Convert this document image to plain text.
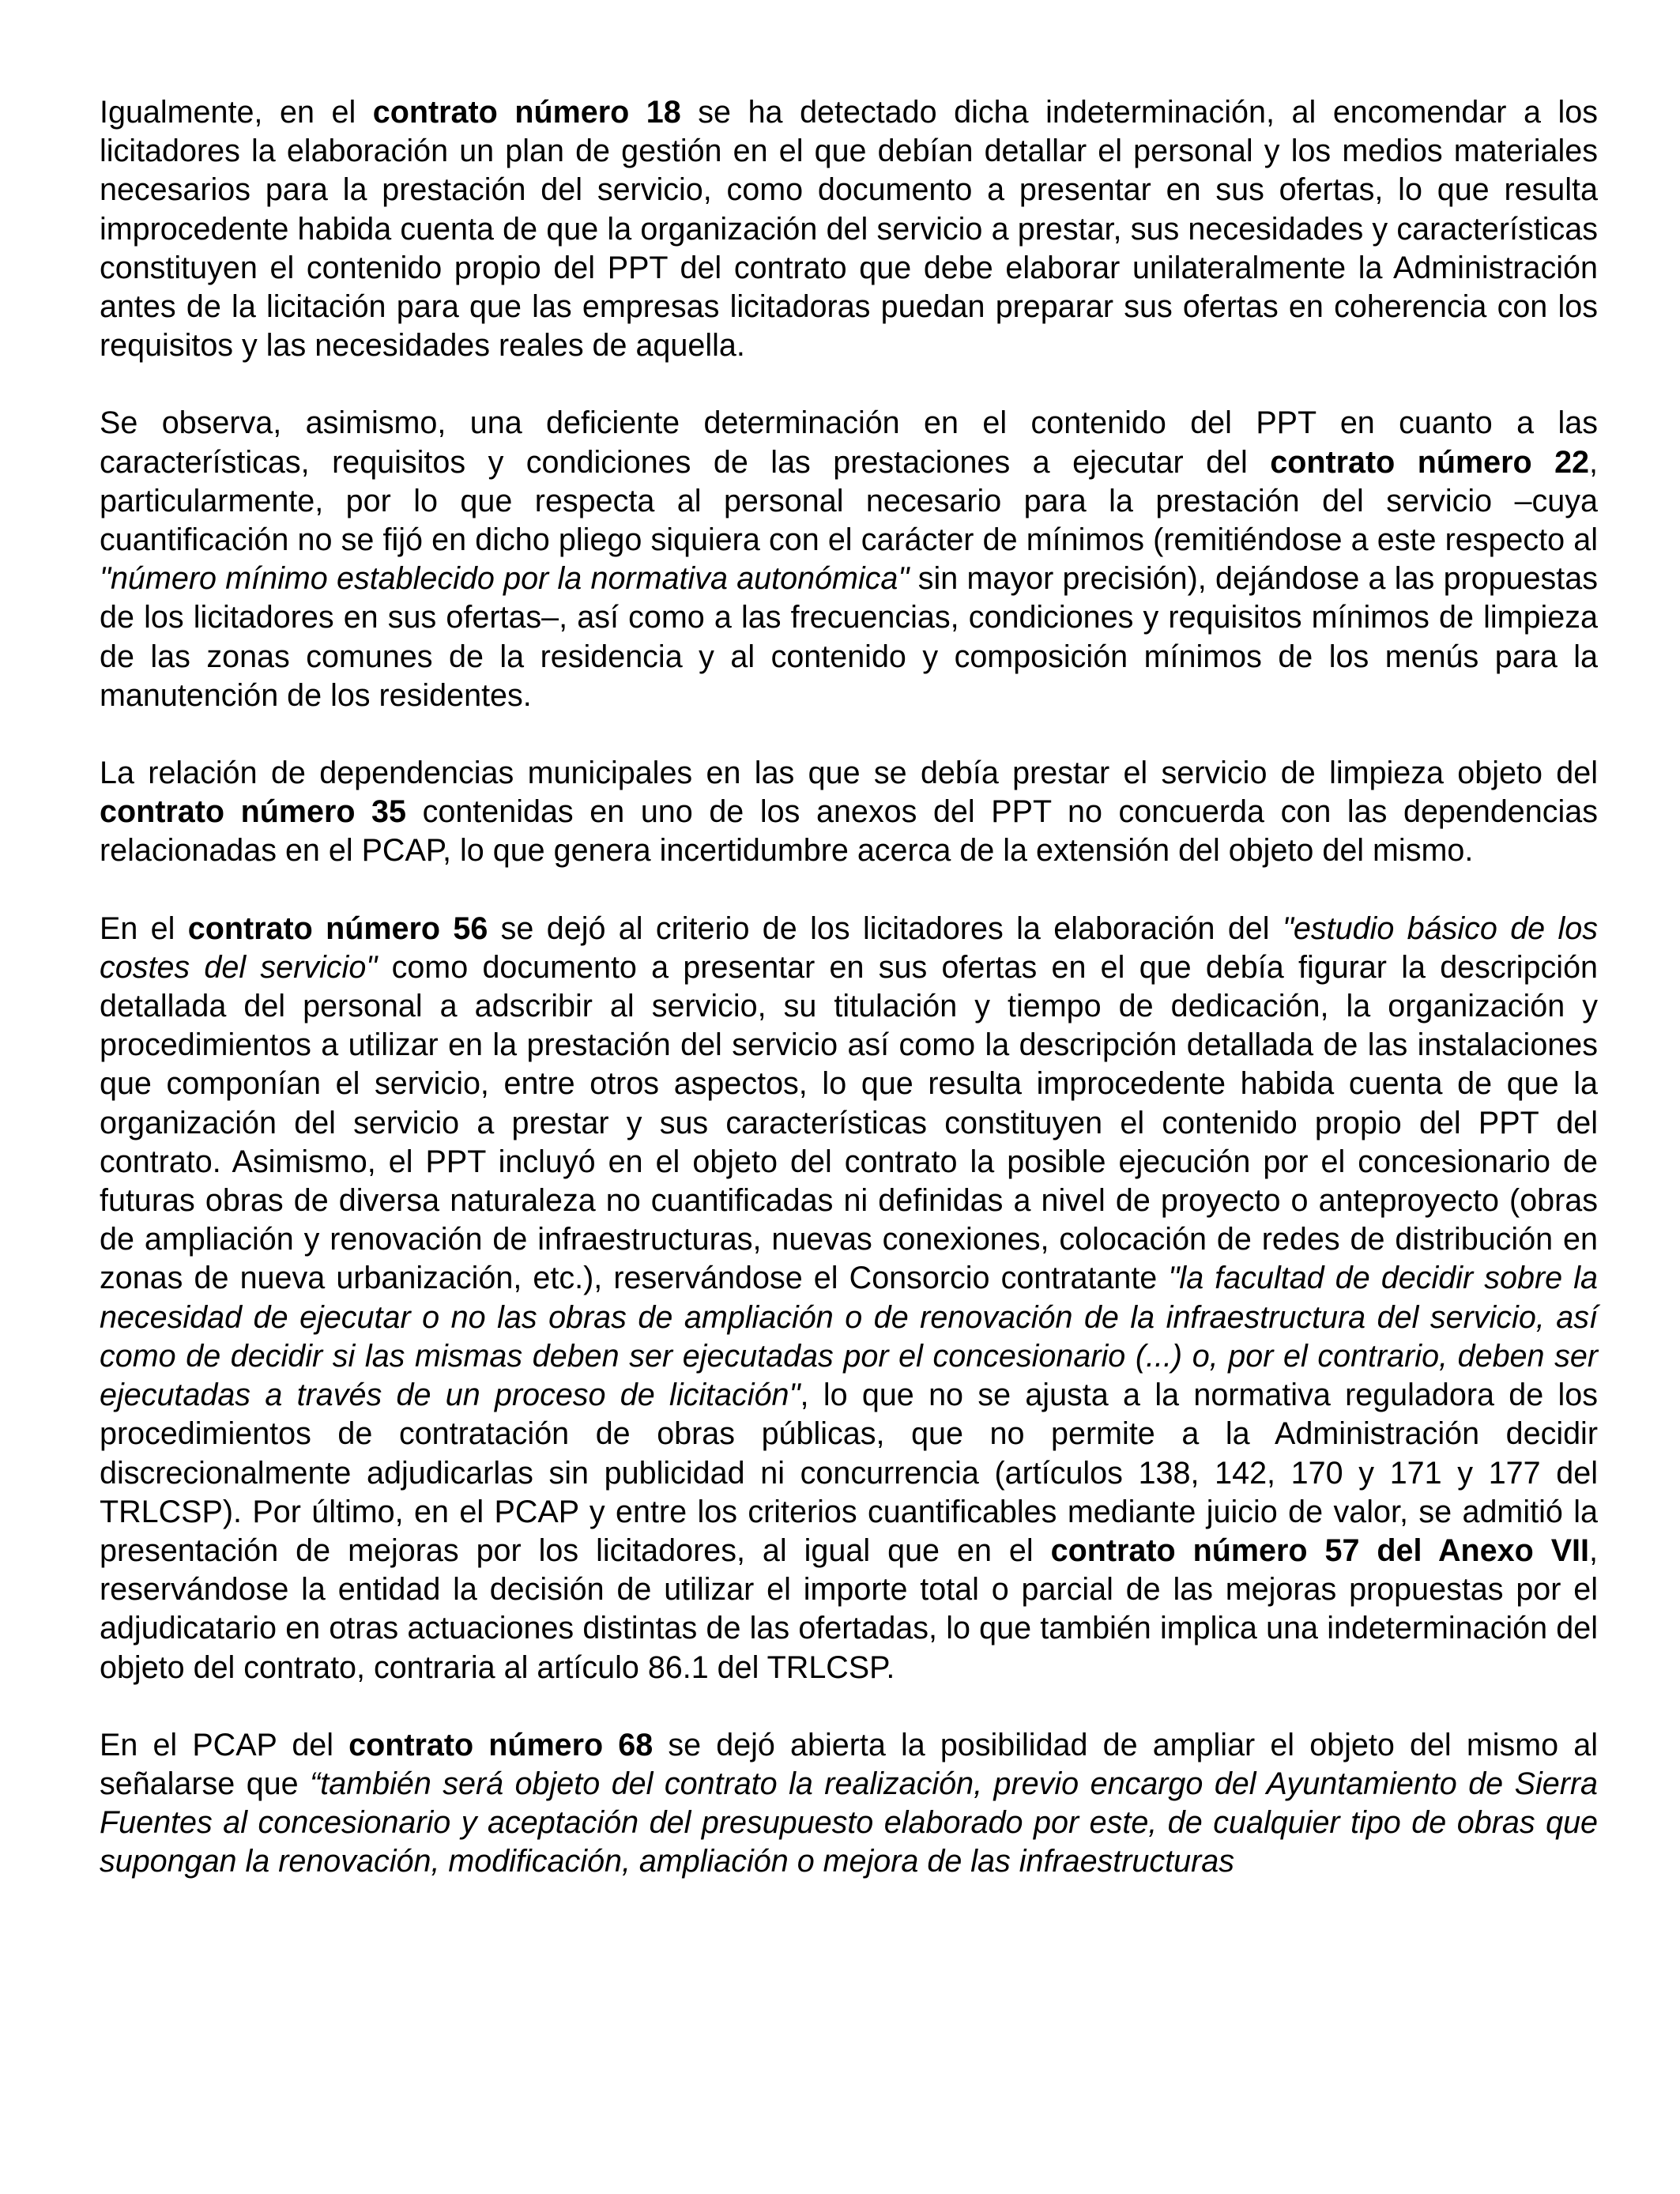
Igualmente, en el contrato número 18 se ha detectado dicha indeterminación, al encomendar a los licitadores la elaboración un plan de gestión en el que debían detallar el personal y los medios materiales necesarios para la prestación del servicio, como documento a presentar en sus ofertas, lo que resulta improcedente habida cuenta de que la organización del servicio a prestar, sus necesidades y características constituyen el contenido propio del PPT del contrato que debe elaborar unilateralmente la Administración antes de la licitación para que las empresas licitadoras puedan preparar sus ofertas en coherencia con los requisitos y las necesidades reales de aquella.

Se observa, asimismo, una deficiente determinación en el contenido del PPT en cuanto a las características, requisitos y condiciones de las prestaciones a ejecutar del contrato número 22, particularmente, por lo que respecta al personal necesario para la prestación del servicio –cuya cuantificación no se fijó en dicho pliego siquiera con el carácter de mínimos (remitiéndose a este respecto al "número mínimo establecido por la normativa autonómica" sin mayor precisión), dejándose a las propuestas de los licitadores en sus ofertas–, así como a las frecuencias, condiciones y requisitos mínimos de limpieza de las zonas comunes de la residencia y al contenido y composición mínimos de los menús para la manutención de los residentes.

La relación de dependencias municipales en las que se debía prestar el servicio de limpieza objeto del contrato número 35 contenidas en uno de los anexos del PPT no concuerda con las dependencias relacionadas en el PCAP, lo que genera incertidumbre acerca de la extensión del objeto del mismo.

En el contrato número 56 se dejó al criterio de los licitadores la elaboración del "estudio básico de los costes del servicio" como documento a presentar en sus ofertas en el que debía figurar la descripción detallada del personal a adscribir al servicio, su titulación y tiempo de dedicación, la organización y procedimientos a utilizar en la prestación del servicio así como la descripción detallada de las instalaciones que componían el servicio, entre otros aspectos, lo que resulta improcedente habida cuenta de que la organización del servicio a prestar y sus características constituyen el contenido propio del PPT del contrato. Asimismo, el PPT incluyó en el objeto del contrato la posible ejecución por el concesionario de futuras obras de diversa naturaleza no cuantificadas ni definidas a nivel de proyecto o anteproyecto (obras de ampliación y renovación de infraestructuras, nuevas conexiones, colocación de redes de distribución en zonas de nueva urbanización, etc.), reservándose el Consorcio contratante "la facultad de decidir sobre la necesidad de ejecutar o no las obras de ampliación o de renovación de la infraestructura del servicio, así como de decidir si las mismas deben ser ejecutadas por el concesionario (...) o, por el contrario, deben ser ejecutadas a través de un proceso de licitación", lo que no se ajusta a la normativa reguladora de los procedimientos de contratación de obras públicas, que no permite a la Administración decidir discrecionalmente adjudicarlas sin publicidad ni concurrencia (artículos 138, 142, 170 y 171 y 177 del TRLCSP). Por último, en el PCAP y entre los criterios cuantificables mediante juicio de valor, se admitió la presentación de mejoras por los licitadores, al igual que en el contrato número 57 del Anexo VII, reservándose la entidad la decisión de utilizar el importe total o parcial de las mejoras propuestas por el adjudicatario en otras actuaciones distintas de las ofertadas, lo que también implica una indeterminación del objeto del contrato, contraria al artículo 86.1 del TRLCSP.

En el PCAP del contrato número 68 se dejó abierta la posibilidad de ampliar el objeto del mismo al señalarse que “también será objeto del contrato la realización, previo encargo del Ayuntamiento de Sierra Fuentes al concesionario y aceptación del presupuesto elaborado por este, de cualquier tipo de obras que supongan la renovación, modificación, ampliación o mejora de las infraestructuras
